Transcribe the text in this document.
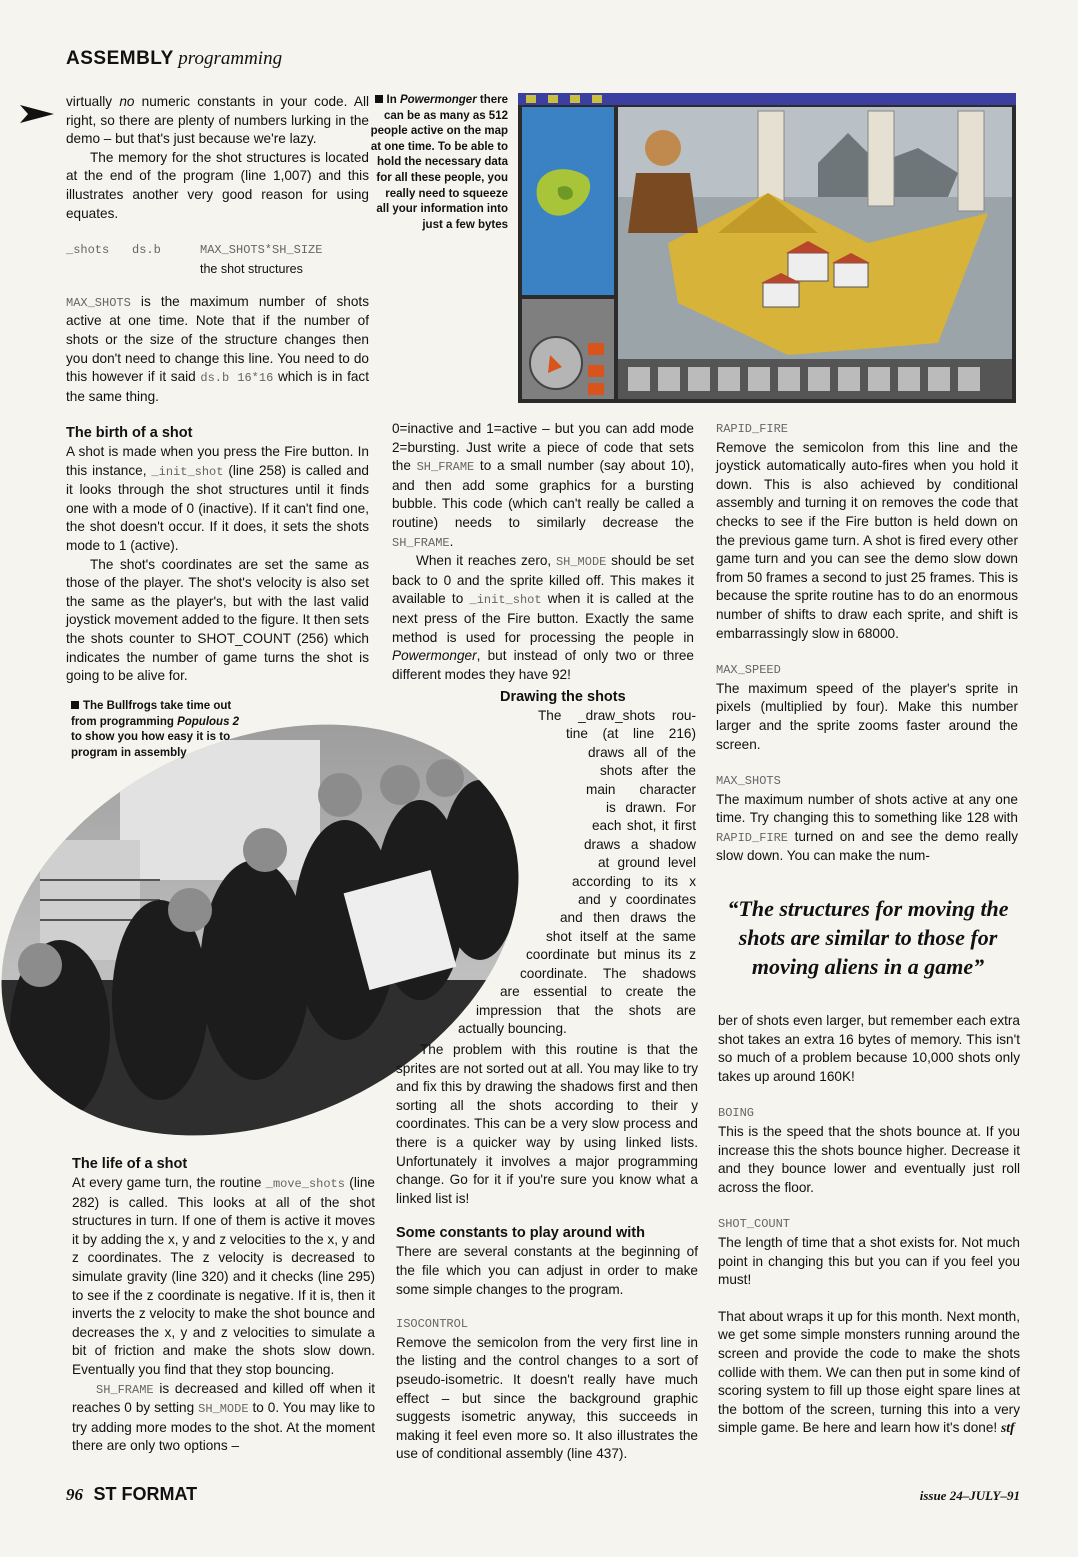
ASSEMBLY programming

virtually no numeric constants in your code. All right, so there are plenty of numbers lurking in the demo – but that's just because we're lazy.

The memory for the shot structures is located at the end of the program (line 1,007) and this illustrates another very good reason for using equates.

_shots ds.b	MAX_SHOTS*SH_SIZE
the shot structures

MAX_SHOTS is the maximum number of shots active at one time. Note that if the number of shots or the size of the structure changes then you don't need to change this line. You need to do this however if it said ds.b 16*16 which is in fact the same thing.

In Powermonger there can be as many as 512 people active on the map at one time. To be able to hold the necessary data for all these people, you really need to squeeze all your information into just a few bytes

The birth of a shot

A shot is made when you press the Fire button. In this instance, _init_shot (line 258) is called and it looks through the shot structures until it finds one with a mode of 0 (inactive). If it can't find one, the shot doesn't occur. If it does, it sets the shots mode to 1 (active).

The shot's coordinates are set the same as those of the player. The shot's velocity is also set the same as the player's, but with the last valid joystick movement added to the figure. It then sets the shots counter to SHOT_COUNT (256) which indicates the number of game turns the shot is going to be alive for.

The Bullfrogs take time out from programming Populous 2 to show you how easy it is to program in assembly

The life of a shot

At every game turn, the routine _move_shots (line 282) is called. This looks at all of the shot structures in turn. If one of them is active it moves it by adding the x, y and z velocities to the x, y and z coordinates. The z velocity is decreased to simulate gravity (line 320) and it checks (line 295) to see if the z coordinate is negative. If it is, then it inverts the z velocity to make the shot bounce and decreases the x, y and z velocities to simulate a bit of friction and make the shots slow down. Eventually you find that they stop bouncing.

SH_FRAME is decreased and killed off when it reaches 0 by setting SH_MODE to 0. You may like to try adding more modes to the shot. At the moment there are only two options –

0=inactive and 1=active – but you can add mode 2=bursting. Just write a piece of code that sets the SH_FRAME to a small number (say about 10), and then add some graphics for a bursting bubble. This code (which can't really be called a routine) needs to similarly decrease the SH_FRAME.

When it reaches zero, SH_MODE should be set back to 0 and the sprite killed off. This makes it available to _init_shot when it is called at the next press of the Fire button. Exactly the same method is used for processing the people in Powermonger, but instead of only two or three different modes they have 92!

Drawing the shots
The _draw_shots rou-
tine (at line 216)
draws all of the
shots after the
main character
is drawn. For
each shot, it first
draws a shadow
at ground level
according to its x
and y coordinates
and then draws the
shot itself at the same
coordinate but minus its z
coordinate. The shadows
are essential to create the
impression that the shots are
actually bouncing.

The problem with this routine is that the sprites are not sorted out at all. You may like to try and fix this by drawing the shadows first and then sorting all the shots according to their y coordinates. This can be a very slow process and there is a quicker way by using linked lists. Unfortunately it involves a major programming change. Go for it if you're sure you know what a linked list is!

Some constants to play around with

There are several constants at the beginning of the file which you can adjust in order to make some simple changes to the program.

ISOCONTROL

Remove the semicolon from the very first line in the listing and the control changes to a sort of pseudo-isometric. It doesn't really have much effect – but since the background graphic suggests isometric anyway, this succeeds in making it feel even more so. It also illustrates the use of conditional assembly (line 437).

RAPID_FIRE

Remove the semicolon from this line and the joystick automatically auto-fires when you hold it down. This is also achieved by conditional assembly and turning it on removes the code that checks to see if the Fire button is held down on the previous game turn. A shot is fired every other game turn and you can see the demo slow down from 50 frames a second to just 25 frames. This is because the sprite routine has to do an enormous number of shifts to draw each sprite, and shift is embarrassingly slow in 68000.

MAX_SPEED

The maximum speed of the player's sprite in pixels (multiplied by four). Make this number larger and the sprite zooms faster around the screen.

MAX_SHOTS

The maximum number of shots active at any one time. Try changing this to something like 128 with RAPID_FIRE turned on and see the demo really slow down. You can make the num-

“The structures for moving the shots are similar to those for moving aliens in a game”

ber of shots even larger, but remember each extra shot takes an extra 16 bytes of memory. This isn't so much of a problem because 10,000 shots only takes up around 160K!

BOING

This is the speed that the shots bounce at. If you increase this the shots bounce higher. Decrease it and they bounce lower and eventually just roll across the floor.

SHOT_COUNT

The length of time that a shot exists for. Not much point in changing this but you can if you feel you must!

That about wraps it up for this month. Next month, we get some simple monsters running around the screen and provide the code to make the shots collide with them. We can then put in some kind of scoring system to fill up those eight spare lines at the bottom of the screen, turning this into a very simple game. Be here and learn how it's done! stf

96 ST FORMAT	issue 24–JULY–91
